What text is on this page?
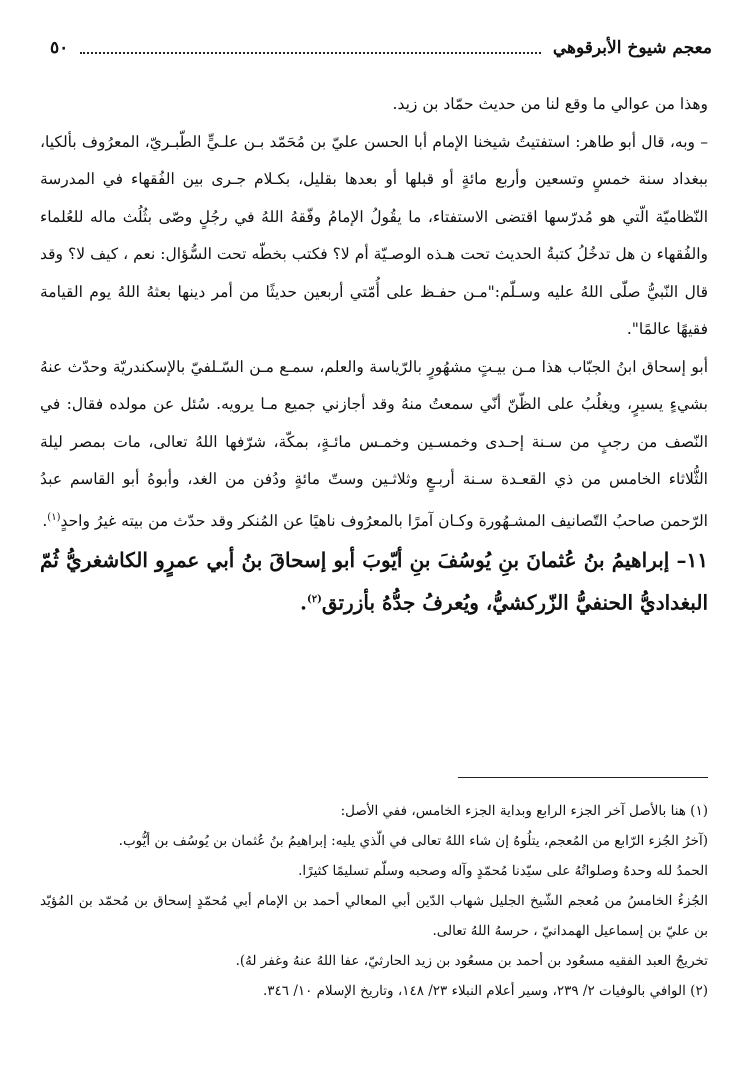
معجم شيوخ الأبرقوهي
٥٠

وهذا من عوالي ما وقع لنا من حديث حمّاد بن زيد.

– وبه، قال أبو طاهر: استفتيتُ شيخنا الإمام أبا الحسن عليّ بن مُحَمّد بـن علـيٍّ الطّبـريّ، المعرُوف بألكيا، ببغداد سنة خمسٍ وتسعين وأربع مائةٍ أو قبلها أو بعدها بقليل، بكـلام جـرى بين الفُقهاء في المدرسة النّظاميّة الّتي هو مُدرّسها اقتضى الاستفتاء، ما يقُولُ الإمامُ وفّقهُ اللهُ في رجُلٍ وصّى بثُلُث ماله للعُلماء والفُقهاء ن هل تدخُلُ كتبةُ الحديث تحت هـذه الوصـيّة أم لا؟ فكتب بخطّه تحت السُّؤال: نعم ، كيف لا؟ وقد قال النّبيُّ صلّى اللهُ عليه وسـلّم:"مـن حفـظ على أُمّتي أربعين حديثًا من أمر دينها بعثهُ اللهُ يوم القيامة فقيهًا عالمًا".

أبو إسحاق ابنُ الجبّاب هذا مـن بيـتٍ مشهُورٍ بالرّياسة والعلم، سمـع مـن السّـلفيّ بالإسكندريّة وحدّث عنهُ بشيءٍ يسيرٍ، ويغلُبُ على الظّنّ أنّي سمعتُ منهُ وقد أجازني جميع مـا يرويه. سُئل عن مولده فقال: في النّصف من رجبٍ من سـنة إحـدى وخمسـين وخمـس مائـةٍ، بمكّة، شرّفها اللهُ تعالى، مات بمصر ليلة الثُّلاثاء الخامس من ذي القعـدة سـنة أربـعٍ وثلاثـين وستّ مائةٍ ودُفن من الغد، وأبوهُ أبو القاسم عبدُ الرّحمن صاحبُ التّصانيف المشـهُورة وكـان آمرًا بالمعرُوف ناهيًا عن المُنكر وقد حدّث من بيته غيرُ واحدٍ$^{(١)}$.

١١– إبراهيمُ بنُ عُثمانَ بنِ يُوسُفَ بنِ أيّوبَ أبو إسحاقَ بنُ أبي عمرٍو الكاشغريُّ ثُمّ البغداديُّ الحنفيُّ الزّركشيُّ، ويُعرفُ جدُّهُ بأزرتق$^{(٢)}$.

(١) هنا بالأصل آخر الجزء الرابع وبداية الجزء الخامس، ففي الأصل:

(آخرُ الجُزء الرّابع من المُعجم، يتلُوهُ إن شاء اللهُ تعالى في الّذي يليه: إبراهيمُ بنُ عُثمان بن يُوسُف بن أيُّوب.

الحمدُ لله وحدهُ وصلواتُهُ على سيّدنا مُحمّدٍ وآله وصحبه وسلّم تسليمًا كثيرًا.

الجُزءُ الخامسُ من مُعجم الشّيخ الجليل شهاب الدّين أبي المعالي أحمد بن الإمام أبي مُحمّدٍ إسحاق بن مُحمّد بن المُؤيّد بن عليّ بن إسماعيل الهمدانيّ ، حرسهُ اللهُ تعالى.

تخريجُ العبد الفقيه مسعُود بن أحمد بن مسعُود بن زيد الحارثيّ، عفا اللهُ عنهُ وغفر لهُ).

(٢) الوافي بالوفيات ٢/ ٢٣٩، وسير أعلام النبلاء ٢٣/ ١٤٨، وتاريخ الإسلام ١٠/ ٣٤٦.
